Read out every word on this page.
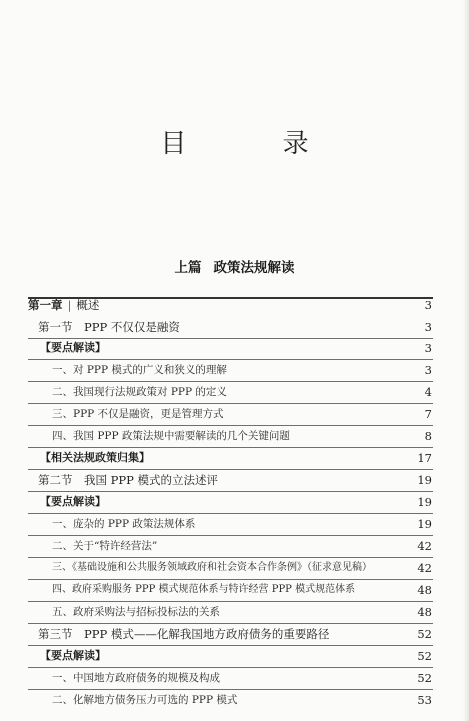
目 录
上篇 政策法规解读
第一章 | 概述	3
第一节　PPP 不仅仅是融资	3
【要点解读】	3
一、对 PPP 模式的广义和狭义的理解	3
二、我国现行法规政策对 PPP 的定义	4
三、PPP 不仅是融资，更是管理方式	7
四、我国 PPP 政策法规中需要解读的几个关键问题	8
【相关法规政策归集】	17
第二节　我国 PPP 模式的立法述评	19
【要点解读】	19
一、庞杂的 PPP 政策法规体系	19
二、关于“特许经营法”	42
三、《基础设施和公共服务领域政府和社会资本合作条例》（征求意见稿）	42
四、政府采购服务 PPP 模式规范体系与特许经营 PPP 模式规范体系	48
五、政府采购法与招标投标法的关系	48
第三节　PPP 模式——化解我国地方政府债务的重要路径	52
【要点解读】	52
一、中国地方政府债务的规模及构成	52
二、化解地方债务压力可选的 PPP 模式	53
